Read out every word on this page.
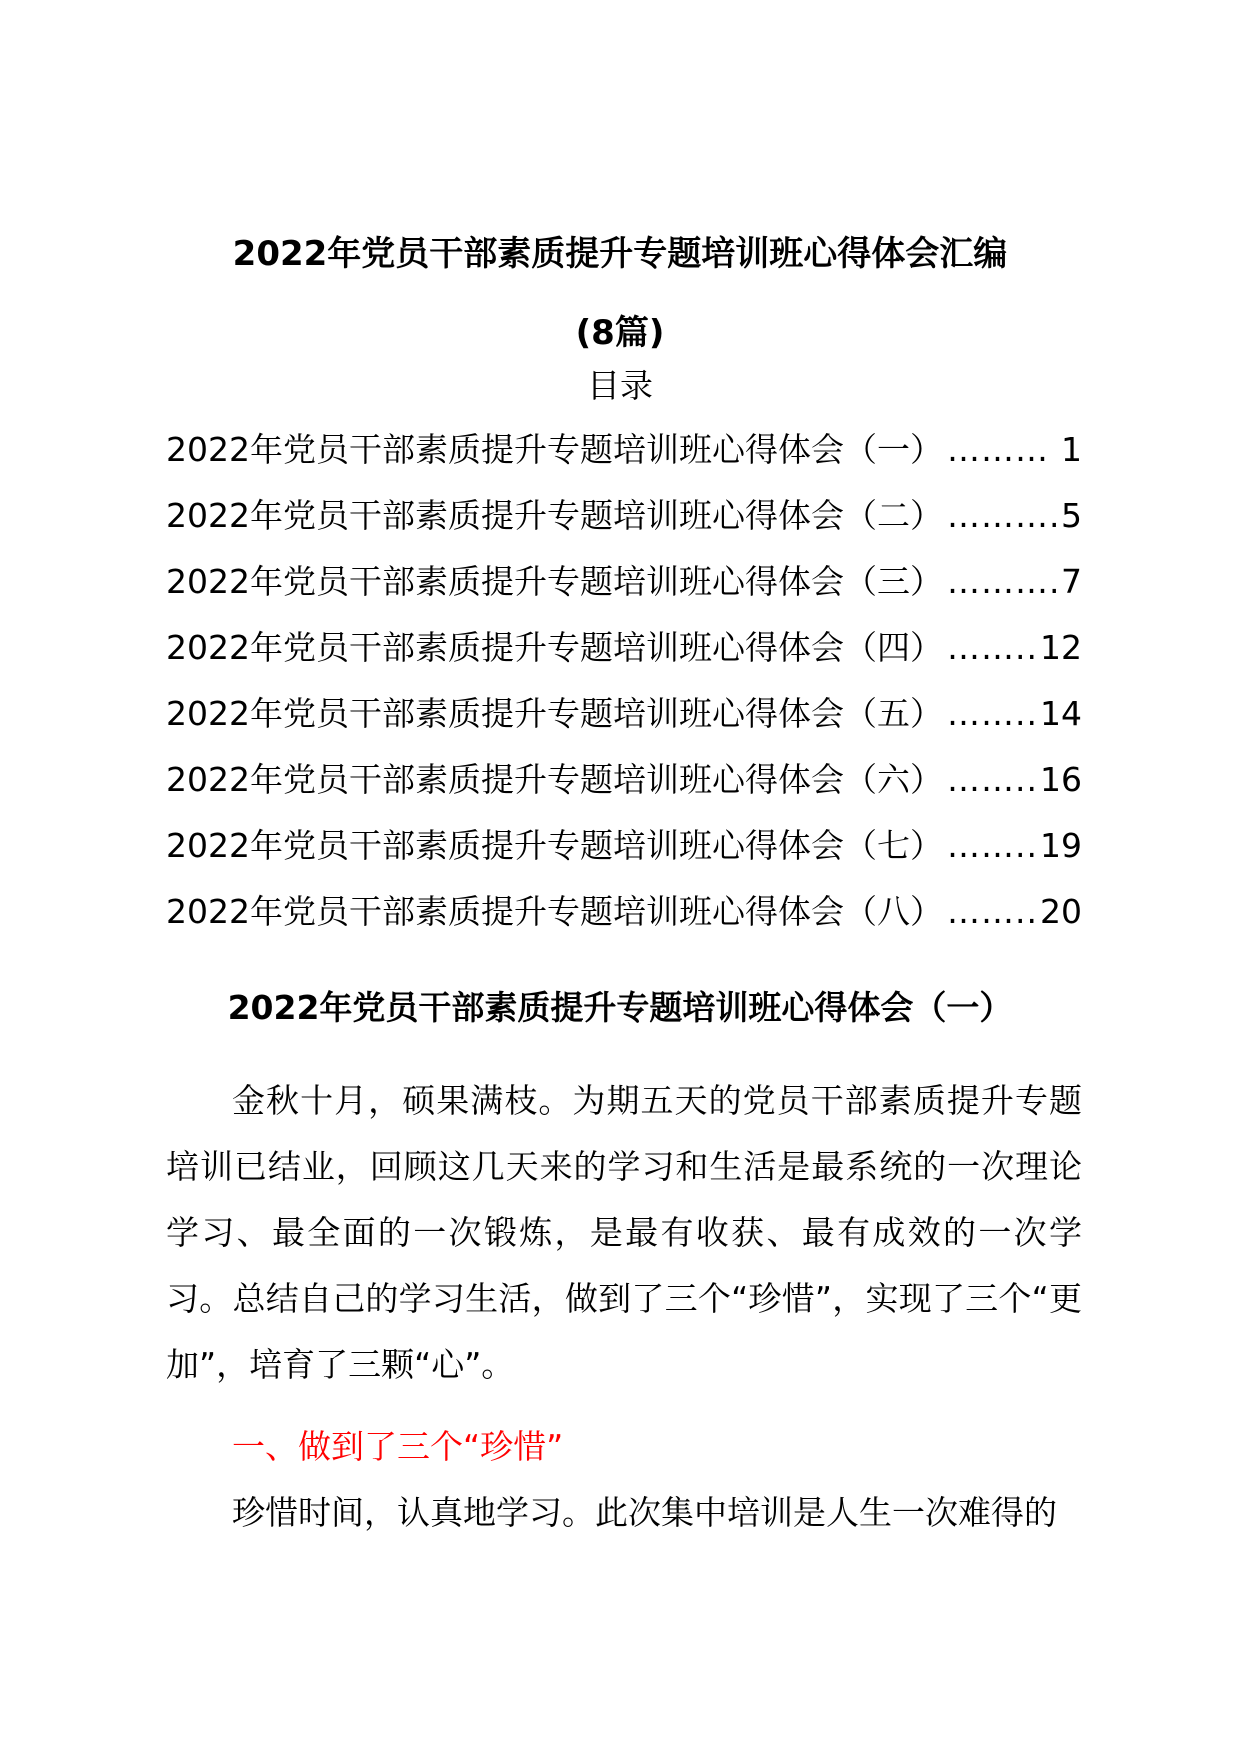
2022年党员干部素质提升专题培训班心得体会汇编
(8篇)
目录
2022年党员干部素质提升专题培训班心得体会（一） ……… 1
2022年党员干部素质提升专题培训班心得体会（二） ………. 5
2022年党员干部素质提升专题培训班心得体会（三） ………. 7
2022年党员干部素质提升专题培训班心得体会（四） …….. 12
2022年党员干部素质提升专题培训班心得体会（五） …….. 14
2022年党员干部素质提升专题培训班心得体会（六） …….. 16
2022年党员干部素质提升专题培训班心得体会（七） …….. 19
2022年党员干部素质提升专题培训班心得体会（八） …….. 20
2022年党员干部素质提升专题培训班心得体会（一）

金秋十月，硕果满枝。为期五天的党员干部素质提升专题培训已结业，回顾这几天来的学习和生活是最系统的一次理论学习、最全面的一次锻炼，是最有收获、最有成效的一次学习。总结自己的学习生活，做到了三个“珍惜”，实现了三个“更加”，培育了三颗“心”。

一、做到了三个“珍惜”

珍惜时间，认真地学习。此次集中培训是人生一次难得的
